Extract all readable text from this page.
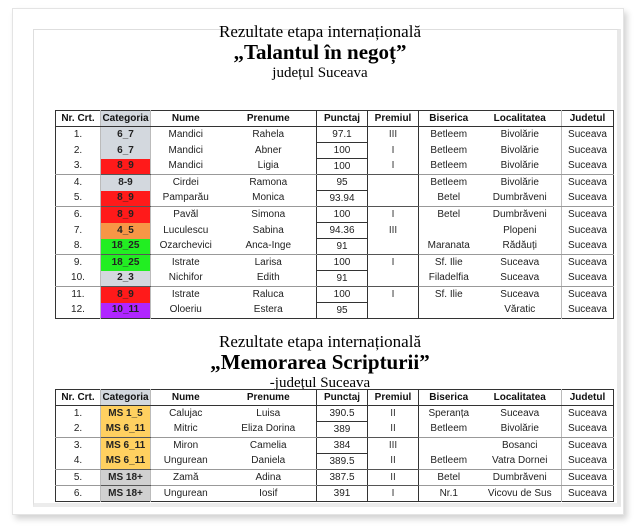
Rezultate etapa internațională
„Talantul în negoț”
județul Suceava
Nr. Crt.	Categoria	Nume	Prenume	Punctaj	Premiul	Biserica	Localitatea	Judetul
1.	6_7	Mandici	Rahela	97.1	III	Betleem	Bivolărie	Suceava
2.	6_7	Mandici	Abner	100	I	Betleem	Bivolărie	Suceava
3.	8_9	Mandici	Ligia	100	I	Betleem	Bivolărie	Suceava
4.	8-9	Cirdei	Ramona	95		Betleem	Bivolărie	Suceava
5.	8_9	Pamparău	Monica	93.94		Betel	Dumbrăveni	Suceava
6.	8_9	Pavăl	Simona	100	I	Betel	Dumbrăveni	Suceava
7.	4_5	Luculescu	Sabina	94.36	III		Plopeni	Suceava
8.	18_25	Ozarchevici	Anca-Inge	91		Maranata	Rădăuți	Suceava
9.	18_25	Istrate	Larisa	100	I	Sf. Ilie	Suceava	Suceava
10.	2_3	Nichifor	Edith	91		Filadelfia	Suceava	Suceava
11.	8_9	Istrate	Raluca	100	I	Sf. Ilie	Suceava	Suceava
12.	10_11	Oloeriu	Estera	95			Văratic	Suceava
Rezultate etapa internațională
„Memorarea Scripturii”
-județul Suceava
Nr. Crt.	Categoria	Nume	Prenume	Punctaj	Premiul	Biserica	Localitatea	Judetul
1.	MS 1_5	Calujac	Luisa	390.5	II	Speranța	Suceava	Suceava
2.	MS 6_11	Mitric	Eliza Dorina	389	II	Betleem	Bivolărie	Suceava
3.	MS 6_11	Miron	Camelia	384	III		Bosanci	Suceava
4.	MS 6_11	Ungurean	Daniela	389.5	II	Betleem	Vatra Dornei	Suceava
5.	MS 18+	Zamă	Adina	387.5	II	Betel	Dumbrăveni	Suceava
6.	MS 18+	Ungurean	Iosif	391	I	Nr.1	Vicovu de Sus	Suceava
